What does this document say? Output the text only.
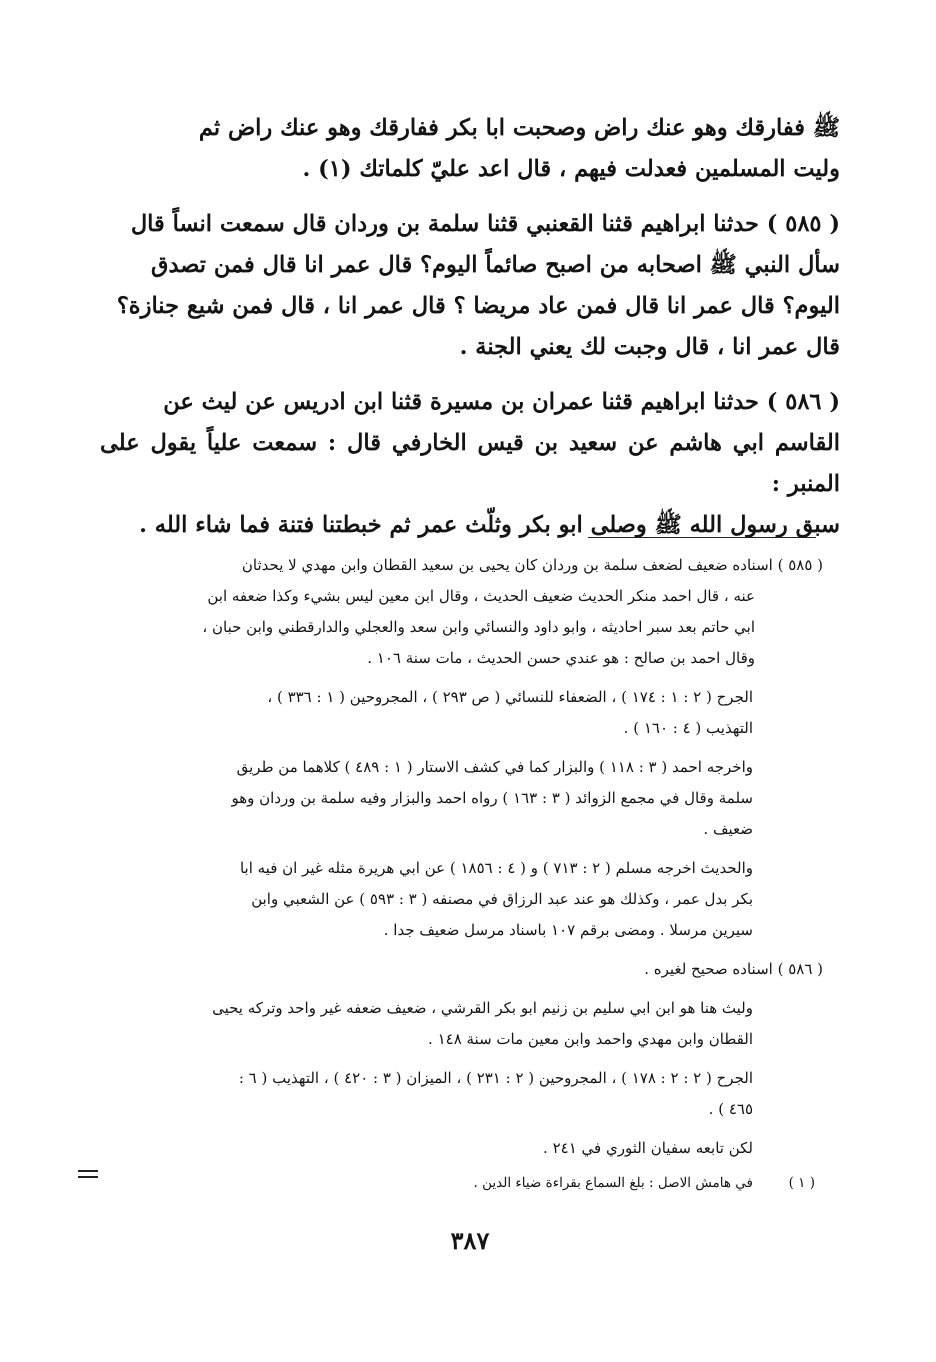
ﷺ ففارقك وهو عنك راض وصحبت ابا بكر ففارقك وهو عنك راض ثم

وليت المسلمين فعدلت فيهم ، قال اعد عليّ كلماتك (١) .

( ٥٨٥ ) حدثنا ابراهيم قثنا القعنبي قثنا سلمة بن وردان قال سمعت انساً قال

سأل النبي ﷺ اصحابه من اصبح صائماً اليوم؟ قال عمر انا قال فمن تصدق

اليوم؟ قال عمر انا قال فمن عاد مريضا ؟ قال عمر انا ، قال فمن شيع جنازة؟

قال عمر انا ، قال وجبت لك يعني الجنة .

( ٥٨٦ ) حدثنا ابراهيم قثنا عمران بن مسيرة قثنا ابن ادريس عن ليث عن

القاسم ابي هاشم عن سعيد بن قيس الخارفي قال : سمعت علياً يقول على المنبر :

سبق رسول الله ﷺ وصلى ابو بكر وثلّث عمر ثم خبطتنا فتنة فما شاء الله .

( ٥٨٥ ) اسناده ضعيف لضعف سلمة بن وردان كان يحيى بن سعيد القطان وابن مهدي لا يحدثان

عنه ، قال احمد منكر الحديث ضعيف الحديث ، وقال ابن معين ليس بشيء وكذا ضعفه ابن

ابي حاتم بعد سبر احاديثه ، وابو داود والنسائي وابن سعد والعجلي والدارقطني وابن حبان ،

وقال احمد بن صالح : هو عندي حسن الحديث ، مات سنة ١٠٦ .

الجرح ( ٢ : ١ : ١٧٤ ) ، الضعفاء للنسائي ( ص ٢٩٣ ) ، المجروحين ( ١ : ٣٣٦ ) ،

التهذيب ( ٤ : ١٦٠ ) .

واخرجه احمد ( ٣ : ١١٨ ) والبزار كما في كشف الاستار ( ١ : ٤٨٩ ) كلاهما من طريق

سلمة وقال في مجمع الزوائد ( ٣ : ١٦٣ ) رواه احمد والبزار وفيه سلمة بن وردان وهو

ضعيف .

والحديث اخرجه مسلم ( ٢ : ٧١٣ ) و ( ٤ : ١٨٥٦ ) عن ابي هريرة مثله غير ان فيه ابا

بكر بدل عمر ، وكذلك هو عند عبد الرزاق في مصنفه ( ٣ : ٥٩٣ ) عن الشعبي وابن

سيرين مرسلا . ومضى برقم ١٠٧ باسناد مرسل ضعيف جدا .

( ٥٨٦ ) اسناده صحيح لغيره .

وليث هنا هو ابن ابي سليم بن زنيم ابو بكر القرشي ، ضعيف ضعفه غير واحد وتركه يحيى

القطان وابن مهدي واحمد وابن معين مات سنة ١٤٨ .

الجرح ( ٢ : ٢ : ١٧٨ ) ، المجروحين ( ٢ : ٢٣١ ) ، الميزان ( ٣ : ٤٢٠ ) ، التهذيب ( ٦ :

٤٦٥ ) .

لكن تابعه سفيان الثوري في ٢٤١ .

( ١ )في هامش الاصل : بلغ السماع بقراءة ضياء الدين .
٣٨٧
